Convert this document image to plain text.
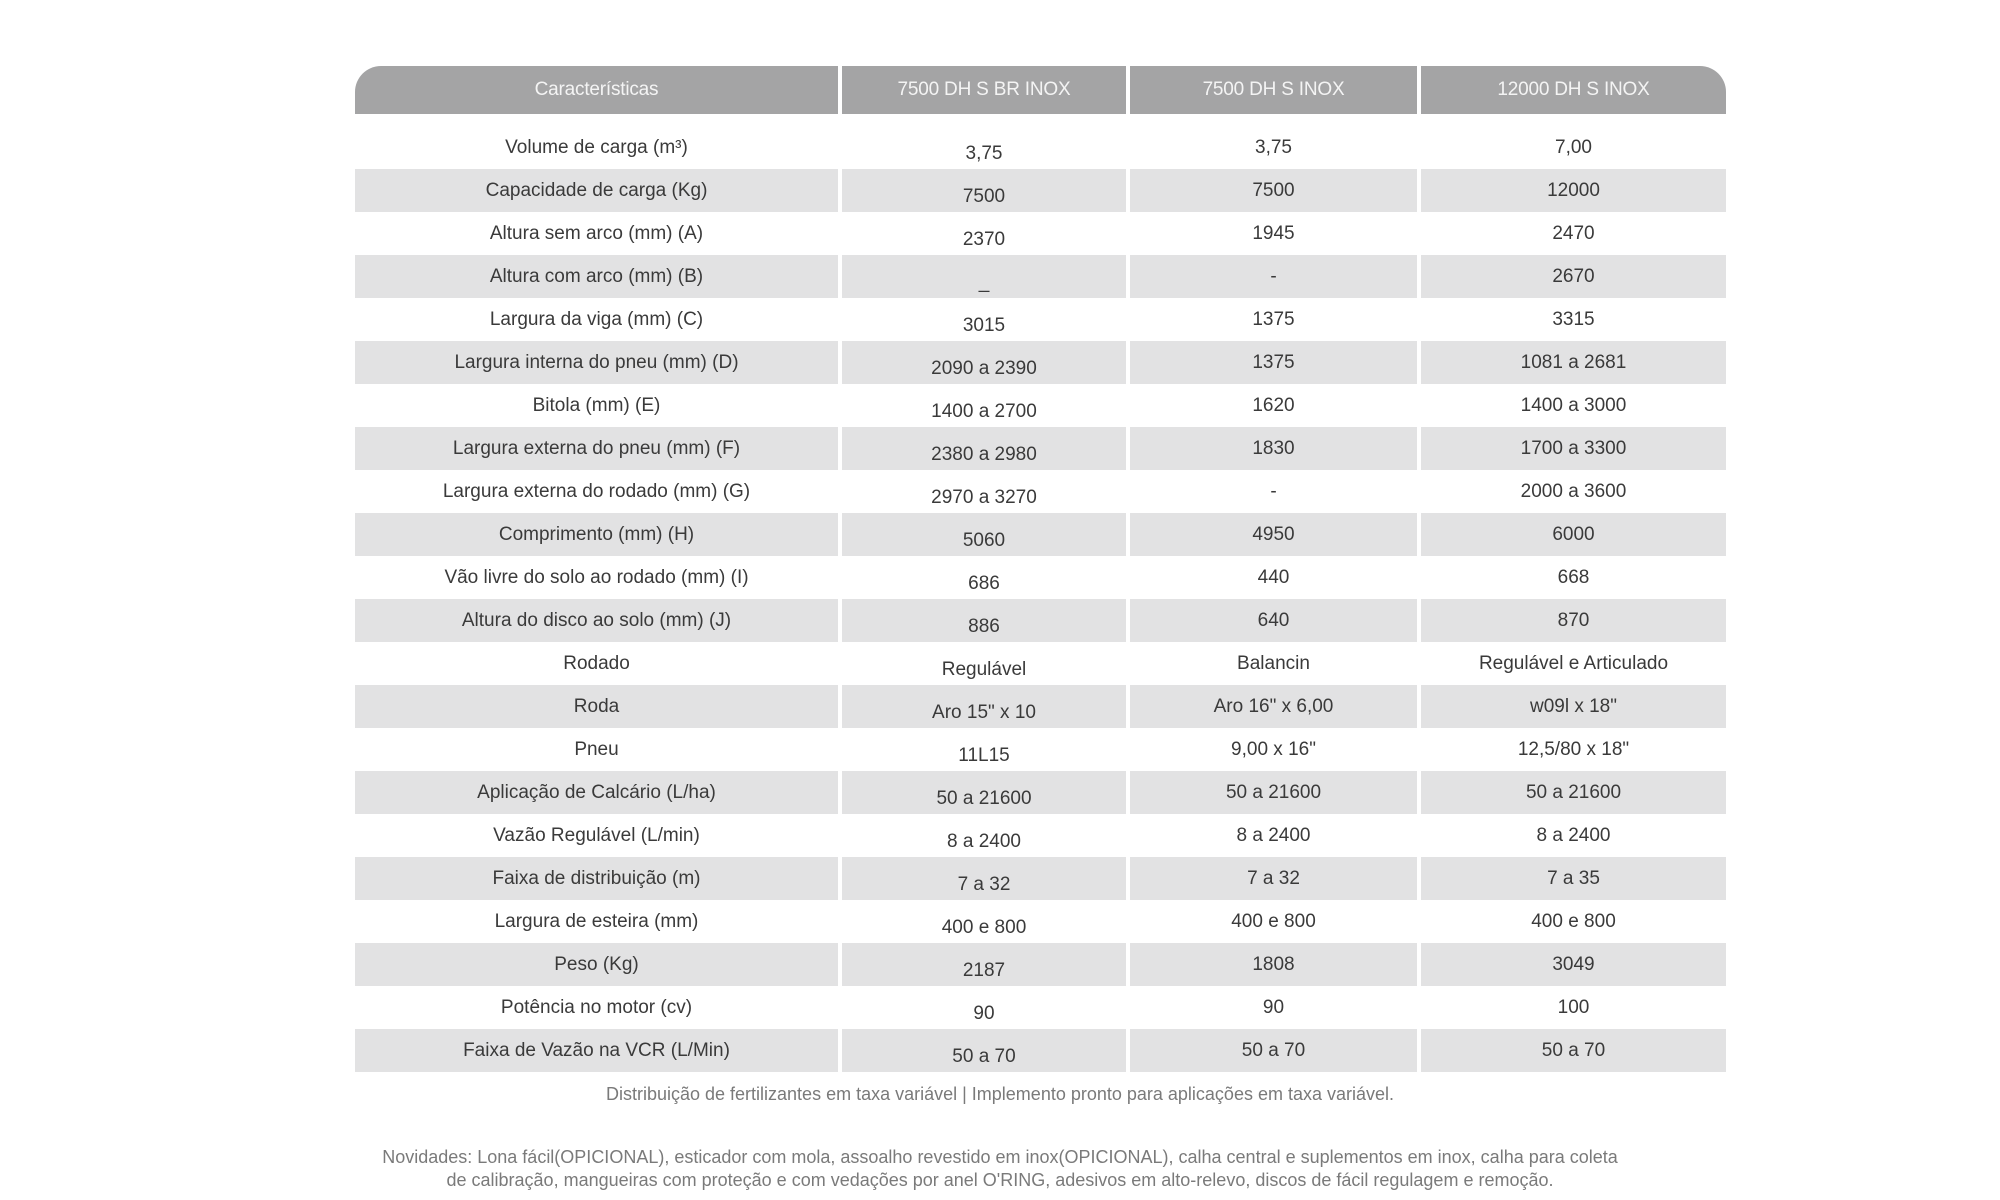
Características	7500 DH S BR INOX	7500 DH S INOX	12000 DH S INOX

Volume de carga (m³)	3,75	3,75	7,00
Capacidade de carga (Kg)	7500	7500	12000
Altura sem arco (mm) (A)	2370	1945	2470
Altura com arco (mm) (B)	_	-	2670
Largura da viga (mm) (C)	3015	1375	3315
Largura interna do pneu (mm) (D)	2090 a 2390	1375	1081 a 2681
Bitola (mm) (E)	1400 a 2700	1620	1400 a 3000
Largura externa do pneu (mm) (F)	2380 a 2980	1830	1700 a 3300
Largura externa do rodado (mm) (G)	2970 a 3270	-	2000 a 3600
Comprimento (mm) (H)	5060	4950	6000
Vão livre do solo ao rodado (mm) (I)	686	440	668
Altura do disco ao solo (mm) (J)	886	640	870
Rodado	Regulável	Balancin	Regulável e Articulado
Roda	Aro 15" x 10	Aro 16" x 6,00	w09l x 18"
Pneu	11L15	9,00 x 16"	12,5/80 x 18"
Aplicação de Calcário (L/ha)	50 a 21600	50 a 21600	50 a 21600
Vazão Regulável (L/min)	8 a 2400	8 a 2400	8 a 2400
Faixa de distribuição (m)	7 a 32	7 a 32	7 a 35
Largura de esteira (mm)	400 e 800	400 e 800	400 e 800
Peso (Kg)	2187	1808	3049
Potência no motor (cv)	90	90	100
Faixa de Vazão na VCR (L/Min)	50 a 70	50 a 70	50 a 70
Distribuição de fertilizantes em taxa variável | Implemento pronto para aplicações em taxa variável.
Novidades: Lona fácil(OPICIONAL), esticador com mola, assoalho revestido em inox(OPICIONAL), calha central e suplementos em inox, calha para coleta
de calibração, mangueiras com proteção e com vedações por anel O'RING, adesivos em alto-relevo, discos de fácil regulagem e remoção.
